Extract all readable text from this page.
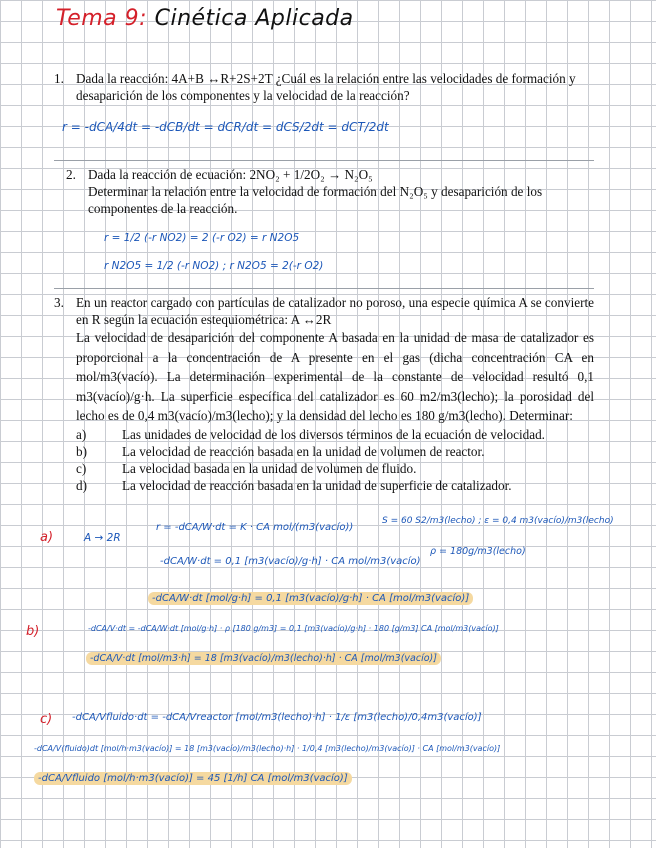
Tema 9: Cinética Aplicada
1. Dada la reacción: 4A+B ↔R+2S+2T ¿Cuál es la relación entre las velocidades de formación y desaparición de los componentes y la velocidad de la reacción?
r = -dCA/4dt = -dCB/dt = dCR/dt = dCS/2dt = dCT/2dt
2. Dada la reacción de ecuación: 2NO₂ + 1/2O₂ → N₂O₅
Determinar la relación entre la velocidad de formación del N₂O₅ y desaparición de los componentes de la reacción.
r = 1/2 (-r NO2) = 2 (-r O2) = r N2O5
r N2O5 = 1/2 (-r NO2) ; r N2O5 = 2(-r O2)
3. En un reactor cargado con partículas de catalizador no poroso, una especie química A se convierte en R según la ecuación estequiométrica: A ↔2R
La velocidad de desaparición del componente A basada en la unidad de masa de catalizador es proporcional a la concentración de A presente en el gas (dicha concentración CA en mol/m3(vacío). La determinación experimental de la constante de velocidad resultó 0,1 m3(vacío)/g·h. La superficie específica del catalizador es 60 m2/m3(lecho); la porosidad del lecho es de 0,4 m3(vacío)/m3(lecho); y la densidad del lecho es 180 g/m3(lecho). Determinar:
a)	Las unidades de velocidad de los diversos términos de la ecuación de velocidad.
b)	La velocidad de reacción basada en la unidad de volumen de reactor.
c)	La velocidad basada en la unidad de volumen de fluido.
d)	La velocidad de reacción basada en la unidad de superficie de catalizador.
a)	A → 2R
r = -dCA/W·dt = K · CA mol/(m3(vacío))
S = 60 S2/m3(lecho) ; ε = 0,4 m3(vacío)/m3(lecho)
-dCA/W·dt = 0,1 [m3(vacío)/g·h] · CA mol/m3(vacío)
ρ = 180g/m3(lecho)
-dCA/W·dt [mol/g·h] = 0,1 [m3(vacío)/g·h] · CA [mol/m3(vacío)]
b)	-dCA/V·dt = -dCA/W·dt [mol/g·h] · ρ [180 g/m3] = 0,1 [m3(vacío)/g·h] · 180 [g/m3] CA [mol/m3(vacío)]
-dCA/V·dt [mol/m3·h] = 18 [m3(vacío)/m3(lecho)·h] · CA [mol/m3(vacío)]
c) -dCA/Vfluido·dt = -dCA/Vreactor [mol/m3(lecho)·h] · 1/ε [m3(lecho)/0,4m3(vacío)]
-dCA/V(fluido)dt [mol/h·m3(vacío)] = 18 [m3(vacío)/m3(lecho)·h] · 1/0,4 [m3(lecho)/m3(vacío)] · CA [mol/m3(vacío)]
-dCA/Vfluido [mol/h·m3(vacío)] = 45 [1/h] CA [mol/m3(vacío)]
